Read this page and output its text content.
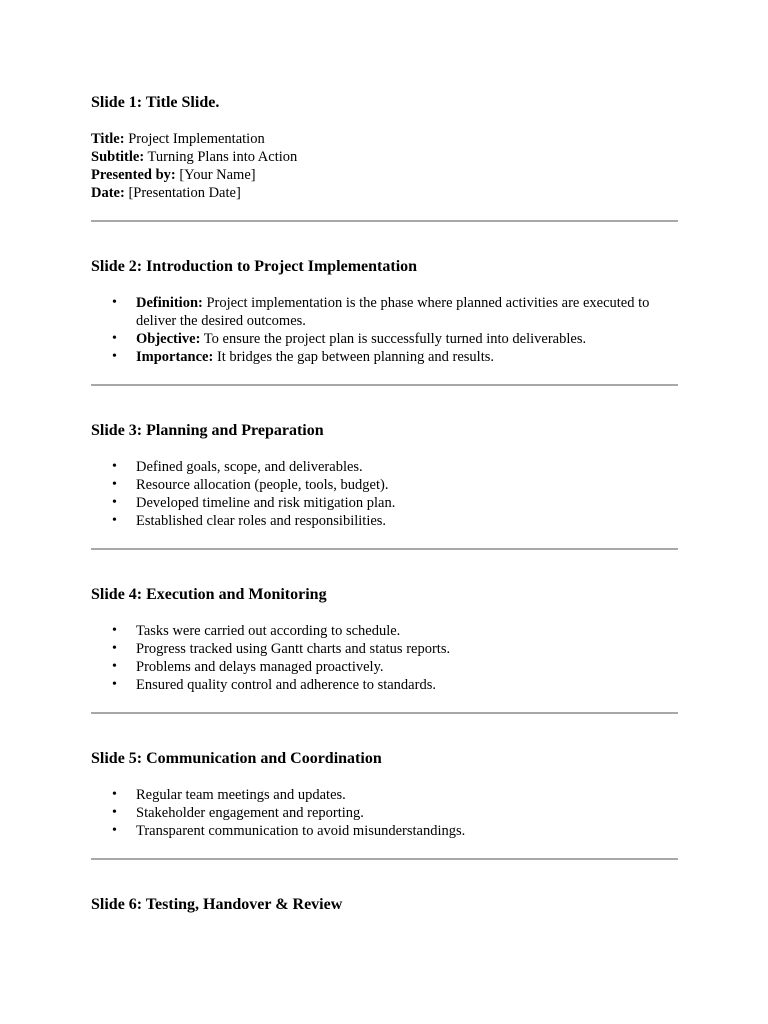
Slide 1: Title Slide.
Title: Project Implementation
Subtitle: Turning Plans into Action
Presented by: [Your Name]
Date: [Presentation Date]
Slide 2: Introduction to Project Implementation
• Definition: Project implementation is the phase where planned activities are executed to deliver the desired outcomes.
• Objective: To ensure the project plan is successfully turned into deliverables.
• Importance: It bridges the gap between planning and results.
Slide 3: Planning and Preparation
• Defined goals, scope, and deliverables.
• Resource allocation (people, tools, budget).
• Developed timeline and risk mitigation plan.
• Established clear roles and responsibilities.
Slide 4: Execution and Monitoring
• Tasks were carried out according to schedule.
• Progress tracked using Gantt charts and status reports.
• Problems and delays managed proactively.
• Ensured quality control and adherence to standards.
Slide 5: Communication and Coordination
• Regular team meetings and updates.
• Stakeholder engagement and reporting.
• Transparent communication to avoid misunderstandings.
Slide 6: Testing, Handover & Review
